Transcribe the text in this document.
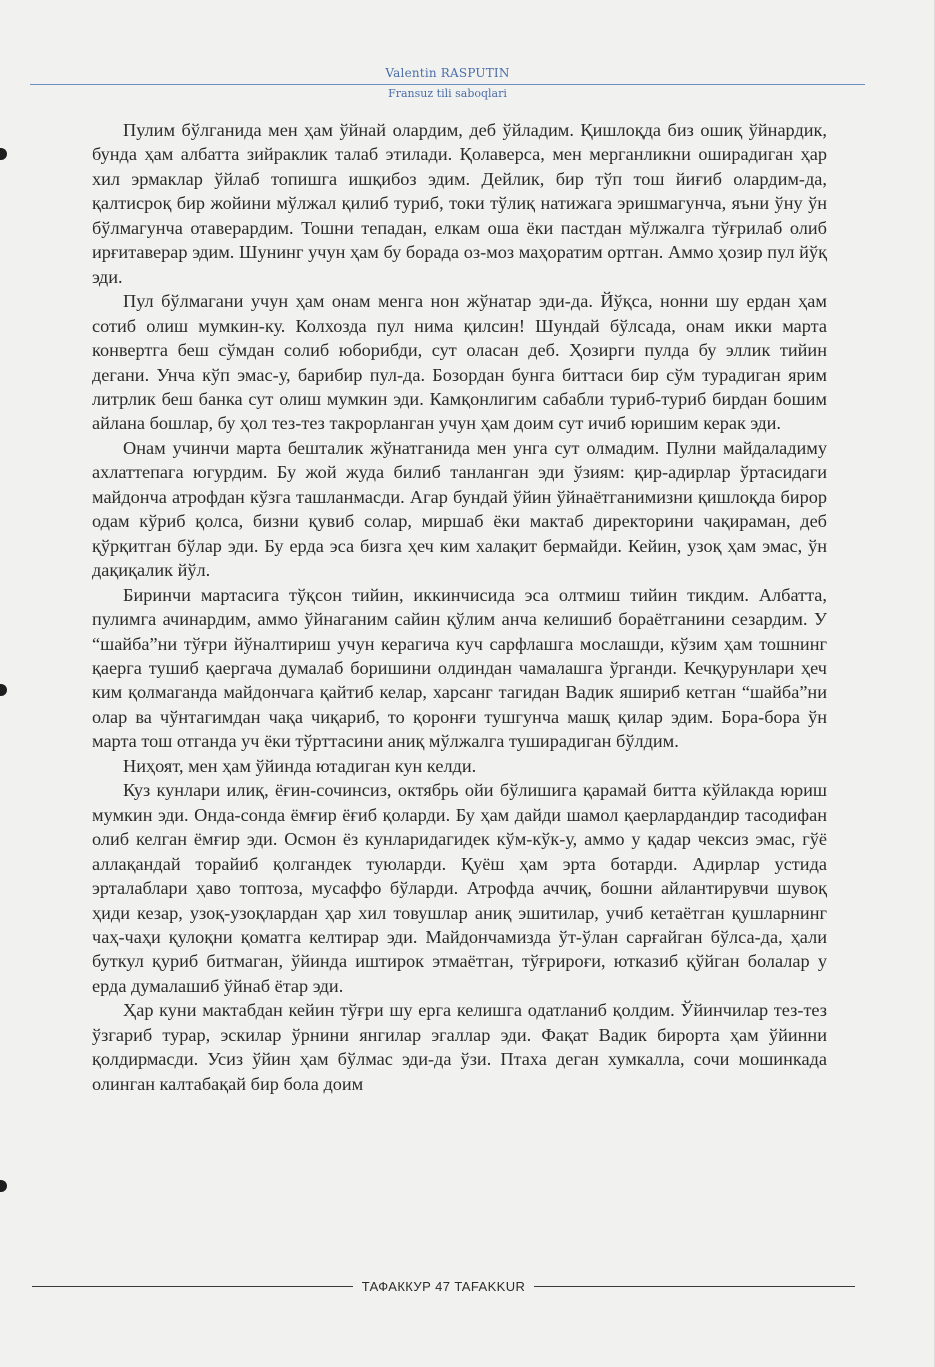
Valentin RASPUTIN
Fransuz tili saboqlari

Пулим бўлганида мен ҳам ўйнай олардим, деб ўйладим. Қишлоқда биз ошиқ ўйнардик, бунда ҳам албатта зийраклик талаб этилади. Қолаверса, мен мерганликни оширадиган ҳар хил эрмаклар ўйлаб топишга ишқибоз эдим. Дейлик, бир тўп тош йиғиб олардим-да, қалтисроқ бир жойини мўлжал қилиб туриб, токи тўлиқ натижага эришмагунча, яъни ўну ўн бўлмагунча отаверардим. Тошни тепадан, елкам оша ёки пастдан мўлжалга тўғрилаб олиб ирғитаверар эдим. Шунинг учун ҳам бу борада оз-моз маҳоратим ортган. Аммо ҳозир пул йўқ эди.

Пул бўлмагани учун ҳам онам менга нон жўнатар эди-да. Йўқса, нонни шу ердан ҳам сотиб олиш мумкин-ку. Колхозда пул нима қилсин! Шундай бўлсада, онам икки марта конвертга беш сўмдан солиб юборибди, сут оласан деб. Ҳозирги пулда бу эллик тийин дегани. Унча кўп эмас-у, барибир пул-да. Бозордан бунга биттаси бир сўм турадиган ярим литрлик беш банка сут олиш мумкин эди. Камқонлигим сабабли туриб-туриб бирдан бошим айлана бошлар, бу ҳол тез-тез такрорланган учун ҳам доим сут ичиб юришим керак эди.

Онам учинчи марта бешталик жўнатганида мен унга сут олмадим. Пулни майдаладиму ахлаттепага югурдим. Бу жой жуда билиб танланган эди ўзиям: қир-адирлар ўртасидаги майдонча атрофдан кўзга ташланмасди. Агар бундай ўйин ўйнаётганимизни қишлоқда бирор одам кўриб қолса, бизни қувиб солар, миршаб ёки мактаб директорини чақираман, деб қўрқитган бўлар эди. Бу ерда эса бизга ҳеч ким халақит бермайди. Кейин, узоқ ҳам эмас, ўн дақиқалик йўл.

Биринчи мартасига тўқсон тийин, иккинчисида эса олтмиш тийин тикдим. Албатта, пулимга ачинардим, аммо ўйнаганим сайин қўлим анча келишиб бораётганини сезардим. У “шайба”ни тўғри йўналтириш учун керагича куч сарфлашга мослашди, кўзим ҳам тошнинг қаерга тушиб қаергача думалаб боришини олдиндан чамалашга ўрганди. Кечқурунлари ҳеч ким қолмаганда майдончага қайтиб келар, харсанг тагидан Вадик яшириб кетган “шайба”ни олар ва чўнтагимдан чақа чиқариб, то қоронғи тушгунча машқ қилар эдим. Бора-бора ўн марта тош отганда уч ёки тўрттасини аниқ мўлжалга туширадиган бўлдим.

Ниҳоят, мен ҳам ўйинда ютадиган кун келди.

Куз кунлари илиқ, ёғин-сочинсиз, октябрь ойи бўлишига қарамай битта кўйлакда юриш мумкин эди. Онда-сонда ёмғир ёғиб қоларди. Бу ҳам дайди шамол қаерлардандир тасодифан олиб келган ёмғир эди. Осмон ёз кунларидагидек кўм-кўк-у, аммо у қадар чексиз эмас, гўё аллақандай торайиб қолгандек туюларди. Қуёш ҳам эрта ботарди. Адирлар устида эрталаблари ҳаво топтоза, мусаффо бўларди. Атрофда аччиқ, бошни айлантирувчи шувоқ ҳиди кезар, узоқ-узоқлардан ҳар хил товушлар аниқ эшитилар, учиб кетаётган қушларнинг чаҳ-чаҳи қулоқни қоматга келтирар эди. Майдончамизда ўт-ўлан сарғайган бўлса-да, ҳали буткул қуриб битмаган, ўйинда иштирок этмаётган, тўғрироғи, ютказиб қўйган болалар у ерда думалашиб ўйнаб ётар эди.

Ҳар куни мактабдан кейин тўғри шу ерга келишга одатланиб қолдим. Ўйинчилар тез-тез ўзгариб турар, эскилар ўрнини янгилар эгаллар эди. Фақат Вадик бирорта ҳам ўйинни қолдирмасди. Усиз ўйин ҳам бўлмас эди-да ўзи. Птаха деган хумкалла, сочи мошинкада олинган калтабақай бир бола доим

ТАФАККУР 47 TAFAKKUR
